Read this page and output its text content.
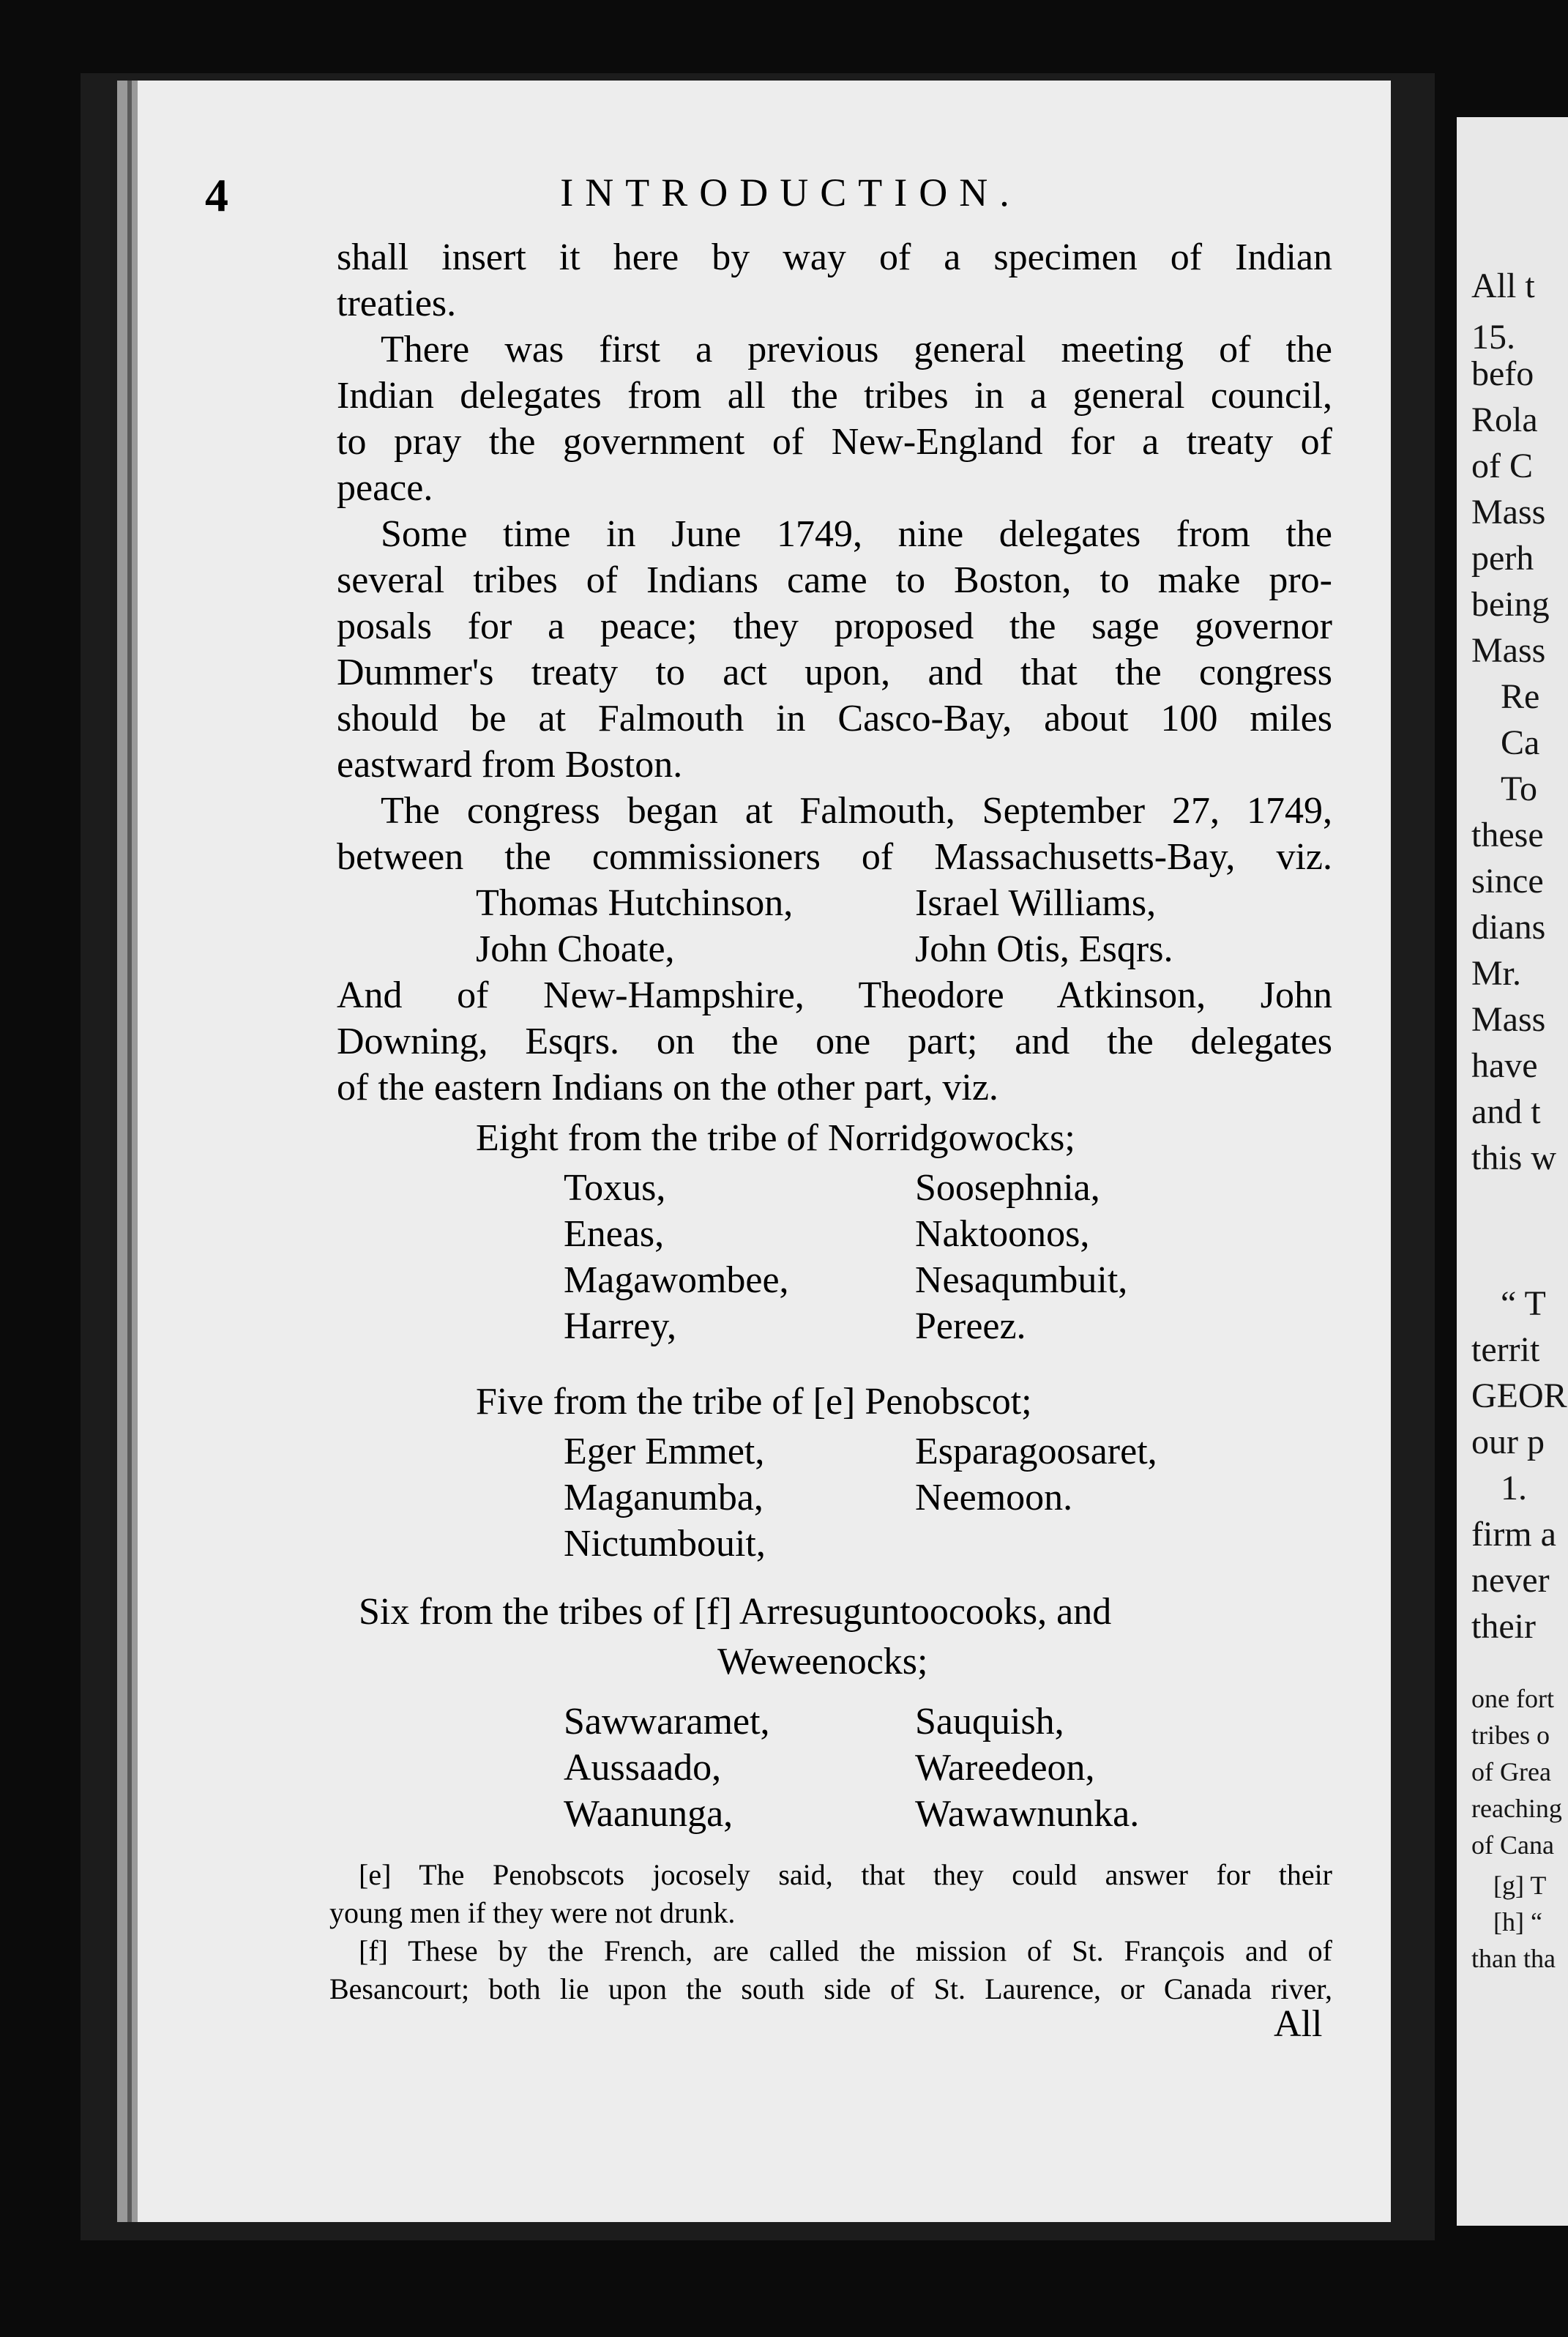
4	INTRODUCTION.
shall insert it here by way of a specimen of Indian
treaties.
There was first a previous general meeting of the
Indian delegates from all the tribes in a general council,
to pray the government of New-England for a treaty of
peace.
Some time in June 1749, nine delegates from the
several tribes of Indians came to Boston, to make pro-
posals for a peace; they proposed the sage governor
Dummer's treaty to act upon, and that the congress
should be at Falmouth in Casco-Bay, about 100 miles
eastward from Boston.
The congress began at Falmouth, September 27, 1749,
between the commissioners of Massachusetts-Bay, viz.
Thomas Hutchinson,	Israel Williams,
John Choate,	John Otis, Esqrs.
And of New-Hampshire, Theodore Atkinson, John
Downing, Esqrs. on the one part; and the delegates
of the eastern Indians on the other part, viz.
Eight from the tribe of Norridgowocks;
Toxus,	Soosephnia,
Eneas,	Naktoonos,
Magawombee,	Nesaqumbuit,
Harrey,	Pereez.
Five from the tribe of [e] Penobscot;
Eger Emmet,	Esparagoosaret,
Maganumba,	Neemoon.
Nictumbouit,
Six from the tribes of [f] Arresuguntoocooks, and
Weweenocks;
Sawwaramet,	Sauquish,
Aussaado,	Wareedeon,
Waanunga,	Wawawnunka.
[e] The Penobscots jocosely said, that they could answer for their
young men if they were not drunk.
[f] These by the French, are called the mission of St. François and of
Besancourt; both lie upon the south side of St. Laurence, or Canada river,
All
All t
15.
befo
Rola
of C
Mass
perh
being
Mass
Re
Ca
To
these
since
dians
Mr.
Mass
have
and t
this w
“ T
territ
GEOR
our p
1.
firm a
never
their
one fort
tribes o
of Grea
reaching
of Cana
[g] T
[h] “
than tha
